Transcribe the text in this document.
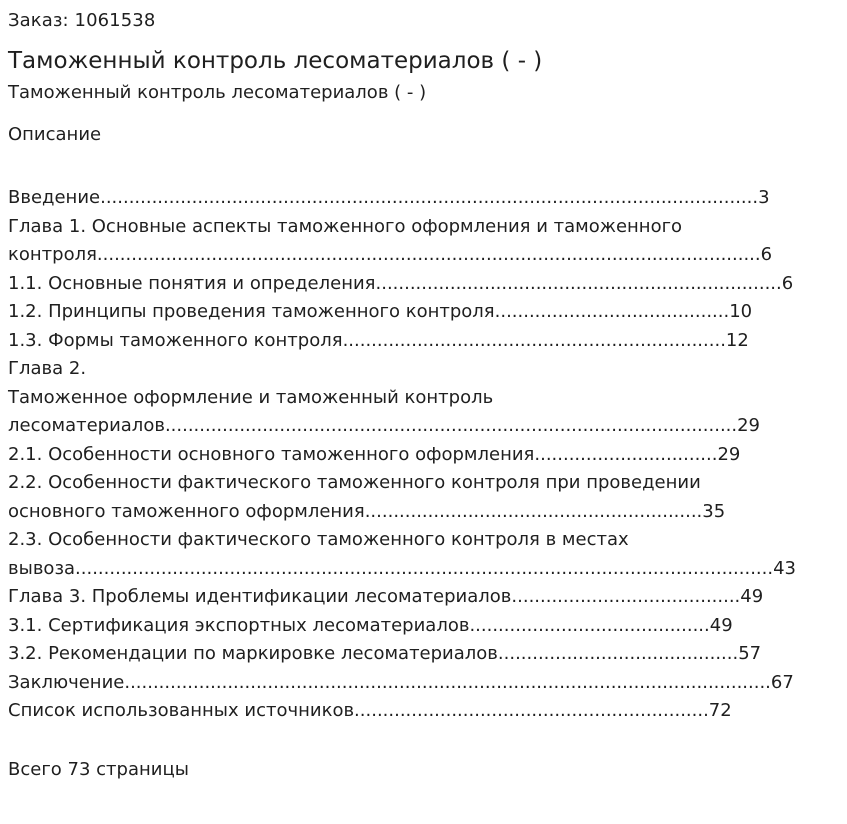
Заказ: 1061538
Таможенный контроль лесоматериалов ( - )
Таможенный контроль лесоматериалов ( - )
Описание
Введение...................................................................................................................3
Глава 1. Основные аспекты таможенного оформления и таможенного
контроля....................................................................................................................6
1.1. Основные понятия и определения.......................................................................6
1.2. Принципы проведения таможенного контроля.........................................10
1.3. Формы таможенного контроля...................................................................12
Глава 2.
Таможенное оформление и таможенный контроль
лесоматериалов....................................................................................................29
2.1. Особенности основного таможенного оформления................................29
2.2. Особенности фактического таможенного контроля при проведении
основного таможенного оформления...........................................................35
2.3. Особенности фактического таможенного контроля в местах
вывоза..........................................................................................................................43
Глава 3. Проблемы идентификации лесоматериалов........................................49
3.1. Сертификация экспортных лесоматериалов..........................................49
3.2. Рекомендации по маркировке лесоматериалов..........................................57
Заключение.................................................................................................................67
Список использованных источников..............................................................72
Всего 73 страницы
